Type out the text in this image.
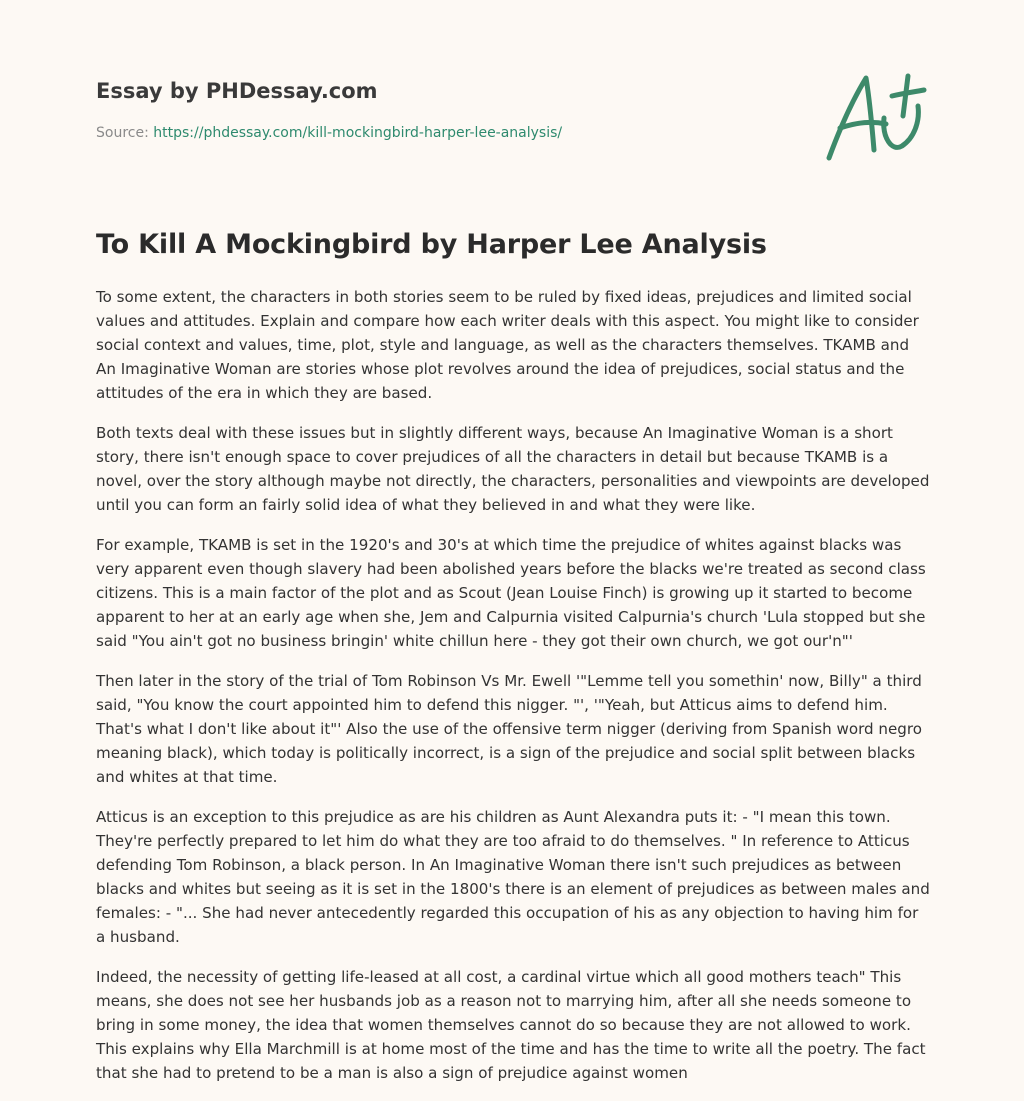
Essay by PHDessay.com
Source: https://phdessay.com/kill-mockingbird-harper-lee-analysis/
To Kill A Mockingbird by Harper Lee Analysis

To some extent, the characters in both stories seem to be ruled by fixed ideas, prejudices and limited social values and attitudes. Explain and compare how each writer deals with this aspect. You might like to consider social context and values, time, plot, style and language, as well as the characters themselves. TKAMB and An Imaginative Woman are stories whose plot revolves around the idea of prejudices, social status and the attitudes of the era in which they are based.

Both texts deal with these issues but in slightly different ways, because An Imaginative Woman is a short story, there isn't enough space to cover prejudices of all the characters in detail but because TKAMB is a novel, over the story although maybe not directly, the characters, personalities and viewpoints are developed until you can form an fairly solid idea of what they believed in and what they were like.

For example, TKAMB is set in the 1920's and 30's at which time the prejudice of whites against blacks was very apparent even though slavery had been abolished years before the blacks we're treated as second class citizens. This is a main factor of the plot and as Scout (Jean Louise Finch) is growing up it started to become apparent to her at an early age when she, Jem and Calpurnia visited Calpurnia's church 'Lula stopped but she said "You ain't got no business bringin' white chillun here - they got their own church, we got our'n"'

Then later in the story of the trial of Tom Robinson Vs Mr. Ewell '"Lemme tell you somethin' now, Billy" a third said, "You know the court appointed him to defend this nigger. "', '"Yeah, but Atticus aims to defend him. That's what I don't like about it"' Also the use of the offensive term nigger (deriving from Spanish word negro meaning black), which today is politically incorrect, is a sign of the prejudice and social split between blacks and whites at that time.

Atticus is an exception to this prejudice as are his children as Aunt Alexandra puts it: - "I mean this town. They're perfectly prepared to let him do what they are too afraid to do themselves. " In reference to Atticus defending Tom Robinson, a black person. In An Imaginative Woman there isn't such prejudices as between blacks and whites but seeing as it is set in the 1800's there is an element of prejudices as between males and females: - "... She had never antecedently regarded this occupation of his as any objection to having him for a husband.

Indeed, the necessity of getting life-leased at all cost, a cardinal virtue which all good mothers teach" This means, she does not see her husbands job as a reason not to marrying him, after all she needs someone to bring in some money, the idea that women themselves cannot do so because they are not allowed to work. This explains why Ella Marchmill is at home most of the time and has the time to write all the poetry. The fact that she had to pretend to be a man is also a sign of prejudice against women
